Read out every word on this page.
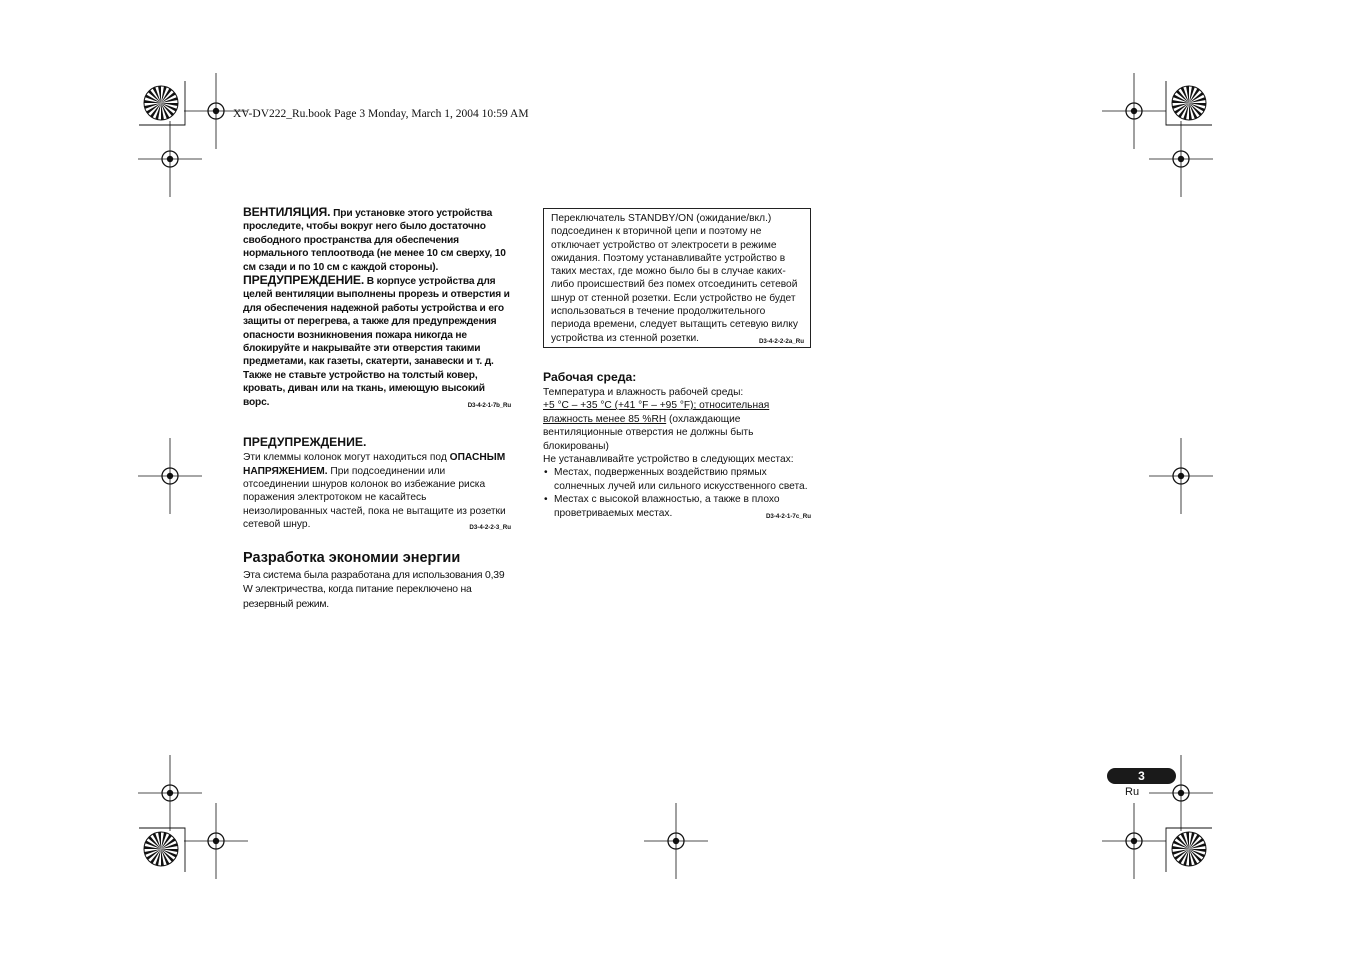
XV-DV222_Ru.book Page 3 Monday, March 1, 2004 10:59 AM

ВЕНТИЛЯЦИЯ. При установке этого устройства проследите, чтобы вокруг него было достаточно свободного пространства для обеспечения нормального теплоотвода (не менее 10 см сверху, 10 см сзади и по 10 см с каждой стороны).

ПРЕДУПРЕЖДЕНИЕ. В корпусе устройства для целей вентиляции выполнены прорезь и отверстия и для обеспечения надежной работы устройства и его защиты от перегрева, а также для предупреждения опасности возникновения пожара никогда не блокируйте и накрывайте эти отверстия такими предметами, как газеты, скатерти, занавески и т. д. Также не ставьте устройство на толстый ковер, кровать, диван или на ткань, имеющую высокий ворс.	D3-4-2-1-7b_Ru

ПРЕДУПРЕЖДЕНИЕ.

Эти клеммы колонок могут находиться под ОПАСНЫМ НАПРЯЖЕНИЕМ. При подсоединении или отсоединении шнуров колонок во избежание риска поражения электротоком не касайтесь неизолированных частей, пока не вытащите из розетки сетевой шнур.	D3-4-2-2-3_Ru

Разработка экономии энергии

Эта система была разработана для использования 0,39 W электричества, когда питание переключено на резервный режим.

Переключатель STANDBY/ON (ожидание/вкл.) подсоединен к вторичной цепи и поэтому не отключает устройство от электросети в режиме ожидания. Поэтому устанавливайте устройство в таких местах, где можно было бы в случае каких-либо происшествий без помех отсоединить сетевой шнур от стенной розетки. Если устройство не будет использоваться в течение продолжительного периода времени, следует вытащить сетевую вилку устройства из стенной розетки.	D3-4-2-2-2a_Ru
Рабочая среда:

Температура и влажность рабочей среды:
+5 °C – +35 °C (+41 °F – +95 °F); относительная влажность менее 85 %RH (охлаждающие вентиляционные отверстия не должны быть блокированы)
Не устанавливайте устройство в следующих местах:

• Местах, подверженных воздействию прямых солнечных лучей или сильного искусственного света.
• Местах с высокой влажностью, а также в плохо проветриваемых местах.	D3-4-2-1-7c_Ru
3
Ru
